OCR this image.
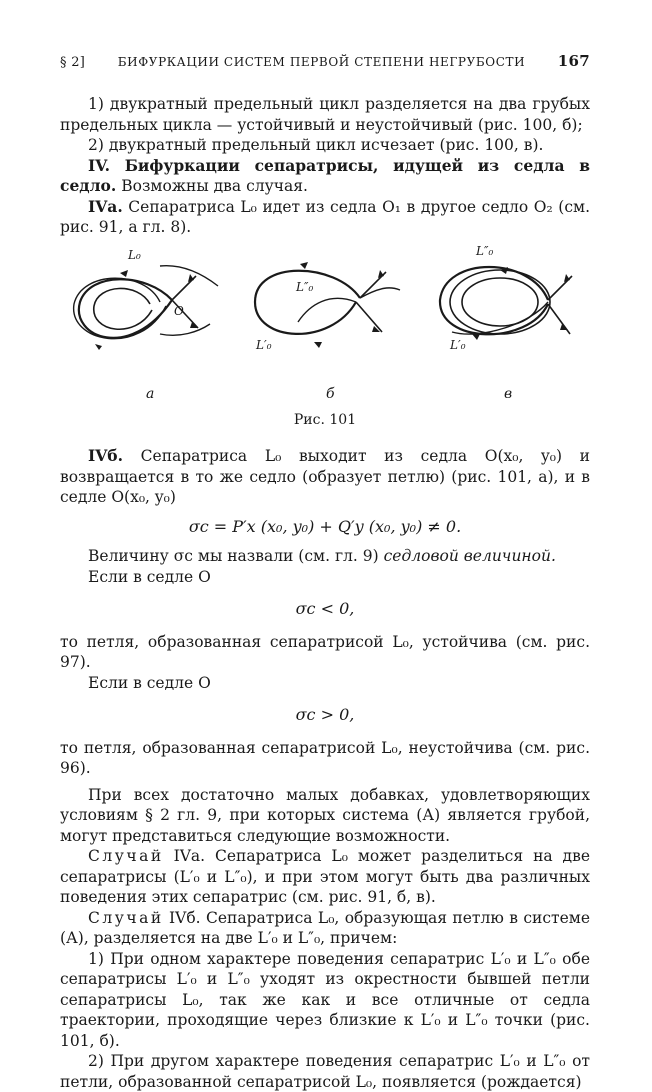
§ 2]	БИФУРКАЦИИ СИСТЕМ ПЕРВОЙ СТЕПЕНИ НЕГРУБОСТИ 167

1) двукратный предельный цикл разделяется на два грубых предельных цикла — устойчивый и неустойчивый (рис. 100, б);

2) двукратный предельный цикл исчезает (рис. 100, в).

IV. Бифуркации сепаратрисы, идущей из седла в седло. Возможны два случая.

IVа. Сепаратриса L₀ идет из седла O₁ в другое седло O₂ (см. рис. 91, а гл. 8).

L₀
O
L″₀
L′₀
L″₀
L′₀
а	б	в

Рис. 101

IVб. Сепаратриса L₀ выходит из седла O(x₀, y₀) и возвращается в то же седло (образует петлю) (рис. 101, а), и в седле O(x₀, y₀)

σc = P′x (x₀, y₀) + Q′y (x₀, y₀) ≠ 0.

Величину σc мы назвали (см. гл. 9) седловой величиной.

Если в седле O

σc < 0,

то петля, образованная сепаратрисой L₀, устойчива (см. рис. 97).

Если в седле O

σc > 0,

то петля, образованная сепаратрисой L₀, неустойчива (см. рис. 96).

При всех достаточно малых добавках, удовлетворяющих условиям § 2 гл. 9, при которых система (А) является грубой, могут представиться следующие возможности.

Случай IVа. Сепаратриса L₀ может разделиться на две сепаратрисы (L′₀ и L″₀), и при этом могут быть два различных поведения этих сепаратрис (см. рис. 91, б, в).

Случай IVб. Сепаратриса L₀, образующая петлю в системе (А), разделяется на две L′₀ и L″₀, причем:

1) При одном характере поведения сепаратрис L′₀ и L″₀ обе сепаратрисы L′₀ и L″₀ уходят из окрестности бывшей петли сепаратрисы L₀, так же как и все отличные от седла траектории, проходящие через близкие к L′₀ и L″₀ точки (рис. 101, б).

2) При другом характере поведения сепаратрис L′₀ и L″₀ от петли, образованной сепаратрисой L₀, появляется (рождается)
